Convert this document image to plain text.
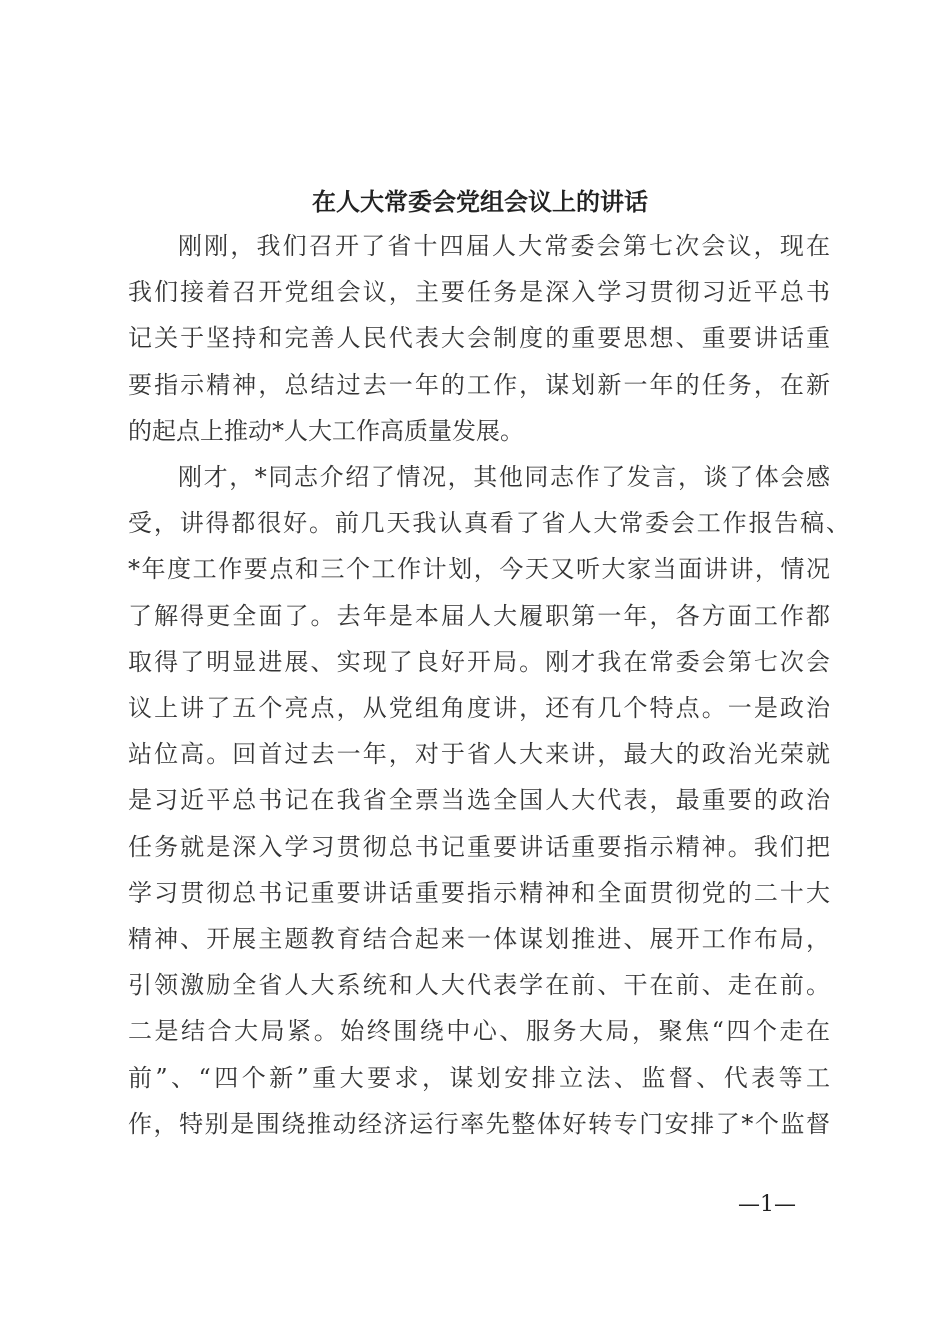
在人大常委会党组会议上的讲话
刚刚，我们召开了省十四届人大常委会第七次会议，现在
我们接着召开党组会议，主要任务是深入学习贯彻习近平总书
记关于坚持和完善人民代表大会制度的重要思想、重要讲话重
要指示精神，总结过去一年的工作，谋划新一年的任务，在新
的起点上推动*人大工作高质量发展。
刚才，*同志介绍了情况，其他同志作了发言，谈了体会感
受，讲得都很好。前几天我认真看了省人大常委会工作报告稿、
*年度工作要点和三个工作计划，今天又听大家当面讲讲，情况
了解得更全面了。去年是本届人大履职第一年，各方面工作都
取得了明显进展、实现了良好开局。刚才我在常委会第七次会
议上讲了五个亮点，从党组角度讲，还有几个特点。一是政治
站位高。回首过去一年，对于省人大来讲，最大的政治光荣就
是习近平总书记在我省全票当选全国人大代表，最重要的政治
任务就是深入学习贯彻总书记重要讲话重要指示精神。我们把
学习贯彻总书记重要讲话重要指示精神和全面贯彻党的二十大
精神、开展主题教育结合起来一体谋划推进、展开工作布局，
引领激励全省人大系统和人大代表学在前、干在前、走在前。
二是结合大局紧。始终围绕中心、服务大局，聚焦“四个走在
前”、“四个新”重大要求，谋划安排立法、监督、代表等工
作，特别是围绕推动经济运行率先整体好转专门安排了*个监督
—1—
